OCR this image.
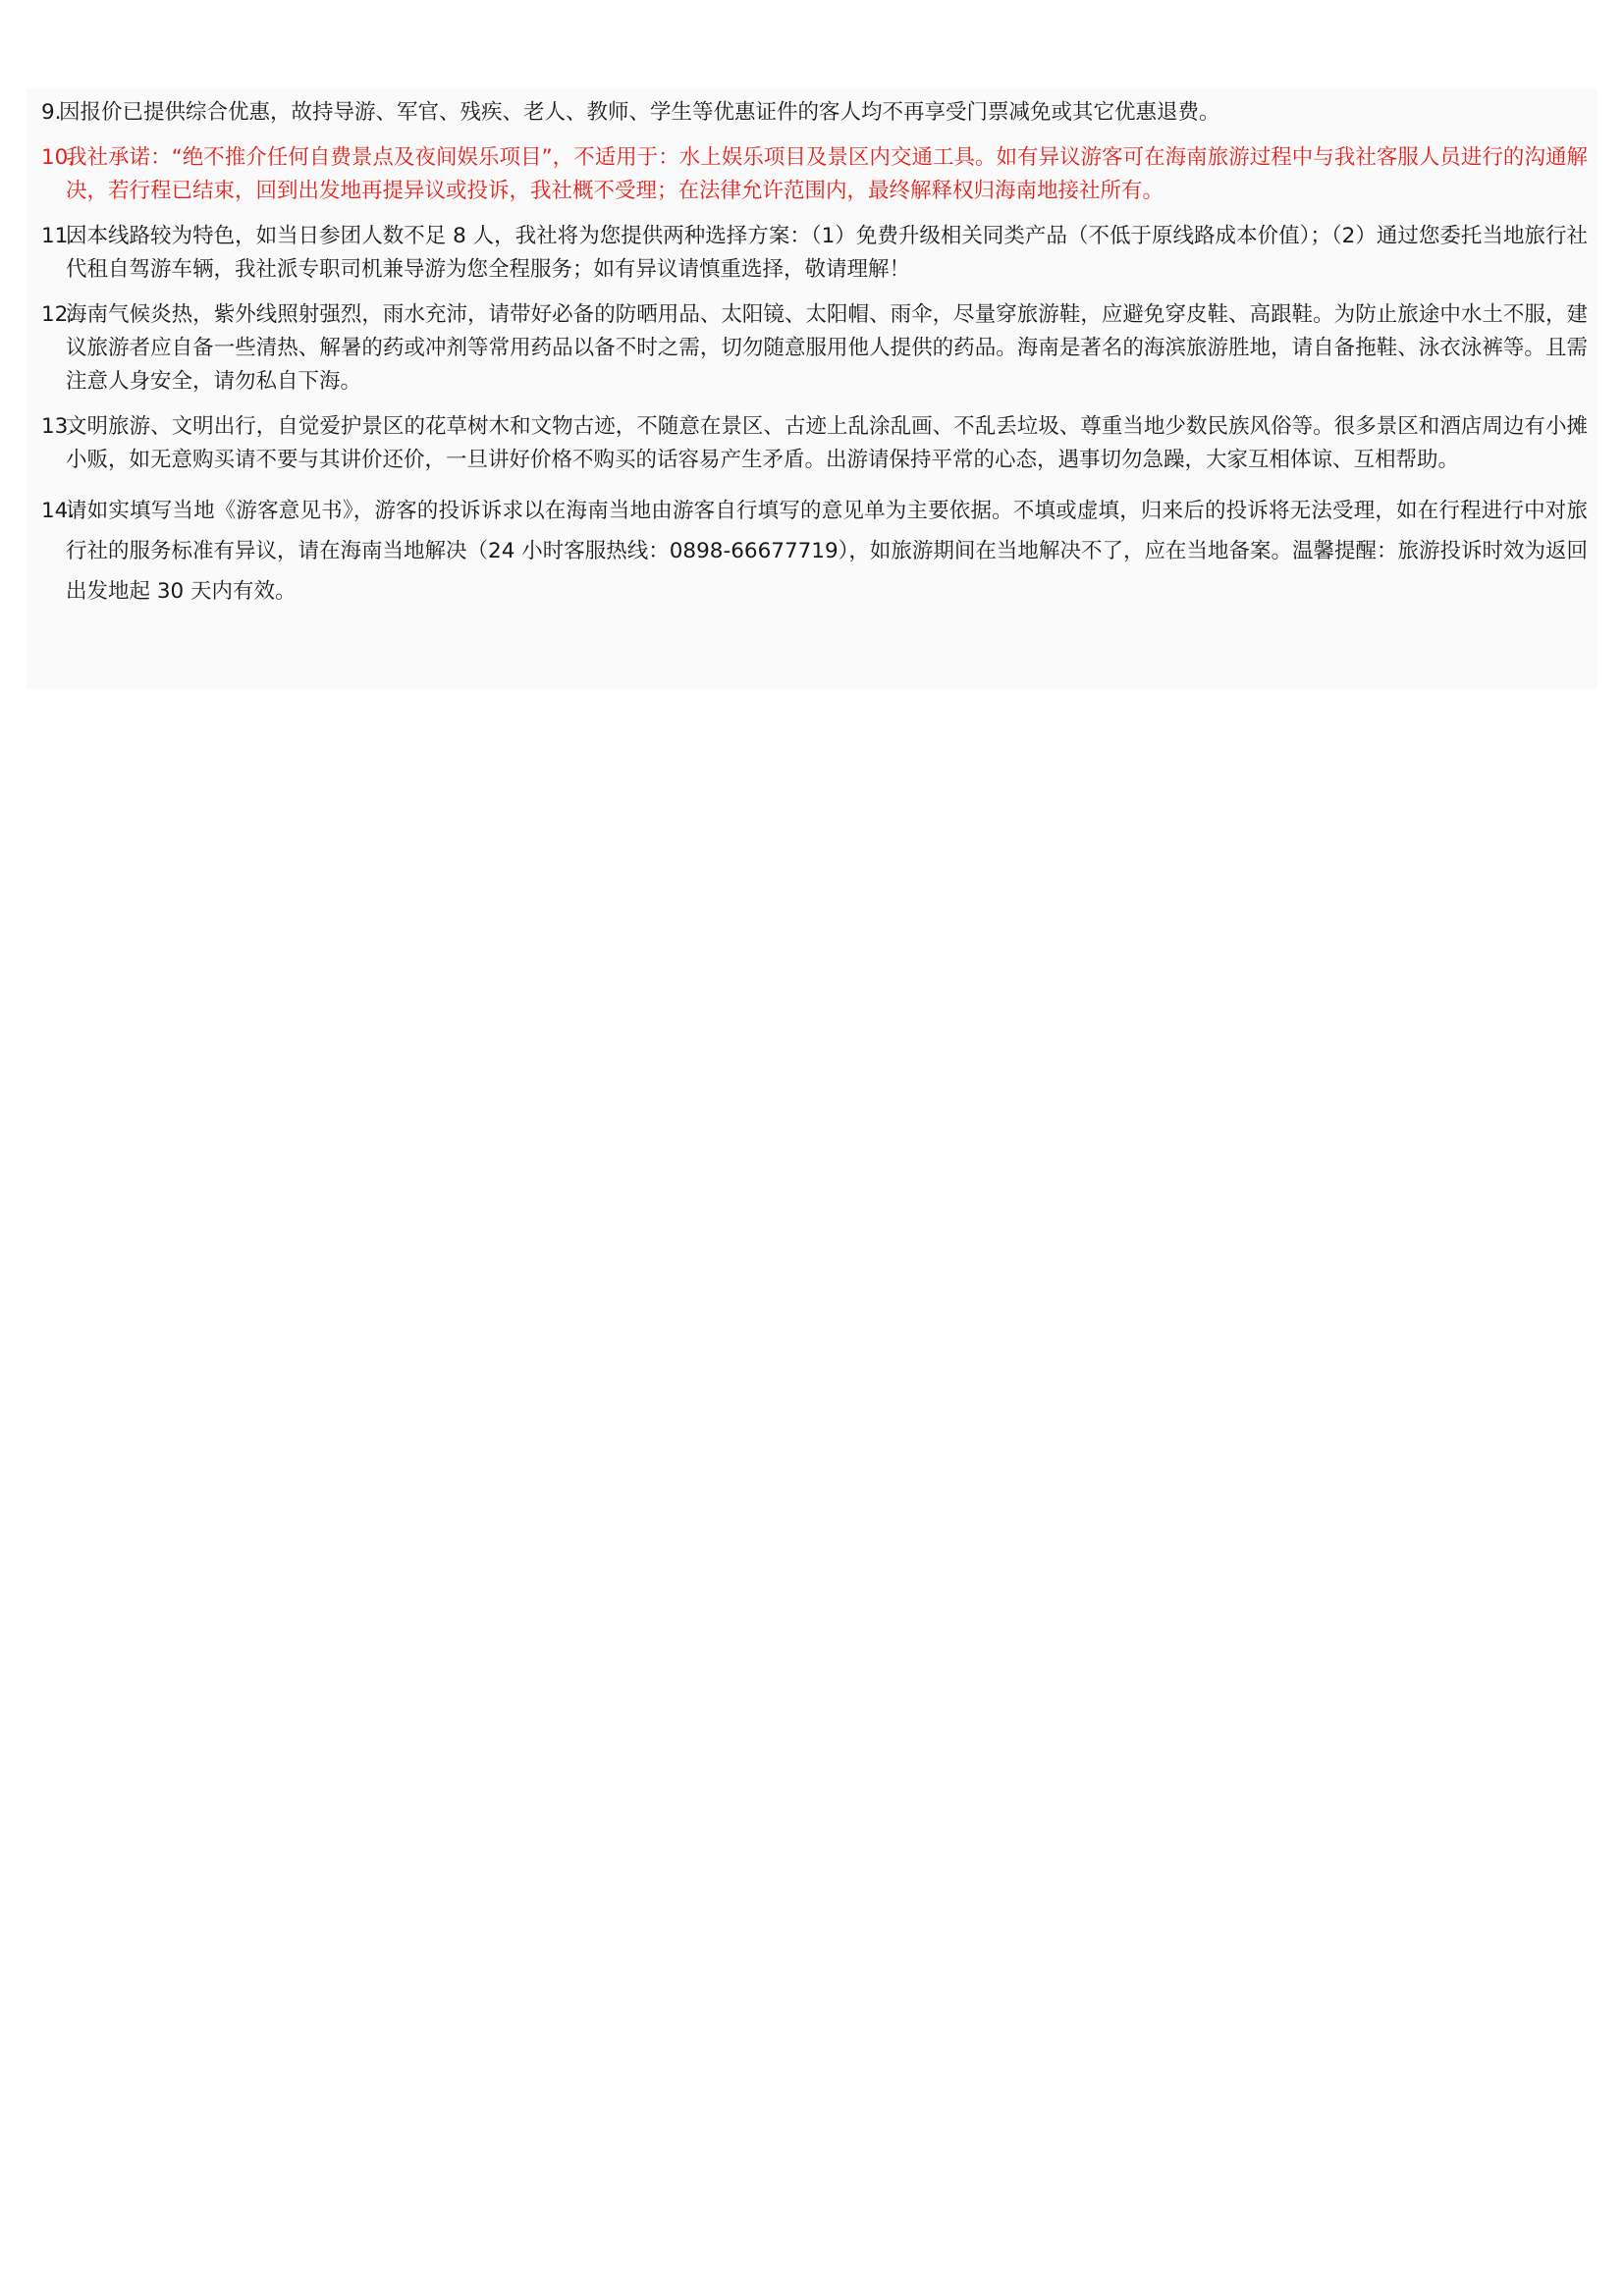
9.
因报价已提供综合优惠，故持导游、军官、残疾、老人、教师、学生等优惠证件的客人均不再享受门票减免或其它优惠退费。
10.
我社承诺：“绝不推介任何自费景点及夜间娱乐项目”，不适用于：水上娱乐项目及景区内交通工具。如有异议游客可在海南旅游过程中与我社客服人员进行的沟通解决，若行程已结束，回到出发地再提异议或投诉，我社概不受理；在法律允许范围内，最终解释权归海南地接社所有。
11.
因本线路较为特色，如当日参团人数不足 8 人，我社将为您提供两种选择方案：（1）免费升级相关同类产品（不低于原线路成本价值）；（2）通过您委托当地旅行社代租自驾游车辆，我社派专职司机兼导游为您全程服务；如有异议请慎重选择，敬请理解！
12.
海南气候炎热，紫外线照射强烈，雨水充沛，请带好必备的防晒用品、太阳镜、太阳帽、雨伞，尽量穿旅游鞋，应避免穿皮鞋、高跟鞋。为防止旅途中水土不服，建议旅游者应自备一些清热、解暑的药或冲剂等常用药品以备不时之需，切勿随意服用他人提供的药品。海南是著名的海滨旅游胜地，请自备拖鞋、泳衣泳裤等。且需注意人身安全，请勿私自下海。
13.
文明旅游、文明出行，自觉爱护景区的花草树木和文物古迹，不随意在景区、古迹上乱涂乱画、不乱丢垃圾、尊重当地少数民族风俗等。很多景区和酒店周边有小摊小贩，如无意购买请不要与其讲价还价，一旦讲好价格不购买的话容易产生矛盾。出游请保持平常的心态，遇事切勿急躁，大家互相体谅、互相帮助。
14.
请如实填写当地《游客意见书》，游客的投诉诉求以在海南当地由游客自行填写的意见单为主要依据。不填或虚填，归来后的投诉将无法受理，如在行程进行中对旅行社的服务标准有异议，请在海南当地解决（24 小时客服热线：0898-66677719），如旅游期间在当地解决不了，应在当地备案。温馨提醒：旅游投诉时效为返回出发地起 30 天内有效。
